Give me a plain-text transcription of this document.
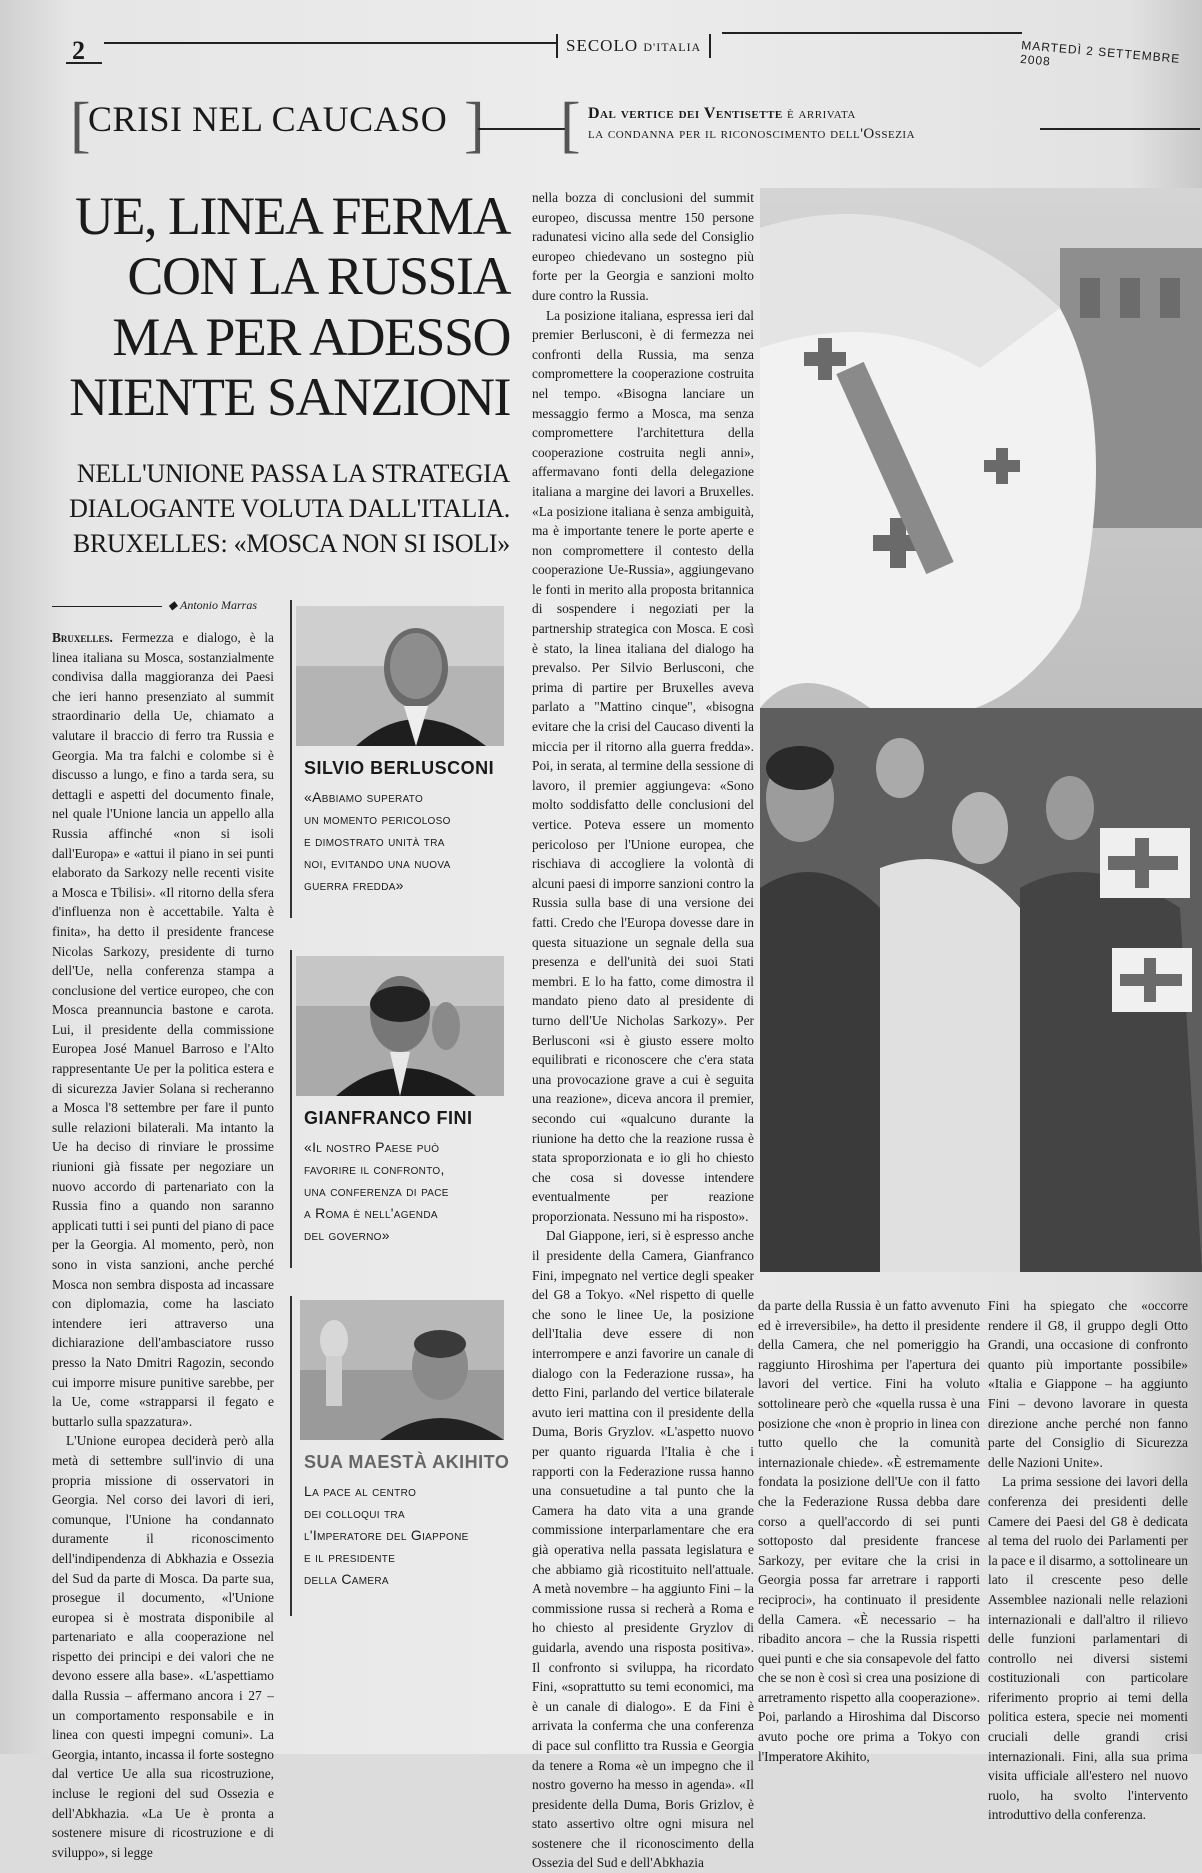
2	SECOLO D'ITALIA	MARTEDÌ 2 SETTEMBRE 2008
[
CRISI NEL CAUCASO ] [ Dal vertice dei Ventisette è arrivata
la condanna per il riconoscimento dell'Ossezia
UE, LINEA FERMA
CON LA RUSSIA
MA PER ADESSO
NIENTE SANZIONI
NELL'UNIONE PASSA LA STRATEGIA
DIALOGANTE VOLUTA DALL'ITALIA.
BRUXELLES: «MOSCA NON SI ISOLI»
◆ Antonio Marras

Bruxelles. Fermezza e dialogo, è la linea italiana su Mosca, sostanzialmente condivisa dalla maggioranza dei Paesi che ieri hanno presenziato al summit straordinario della Ue, chiamato a valutare il braccio di ferro tra Russia e Georgia. Ma tra falchi e colombe si è discusso a lungo, e fino a tarda sera, su dettagli e aspetti del documento finale, nel quale l'Unione lancia un appello alla Russia affinché «non si isoli dall'Europa» e «attui il piano in sei punti elaborato da Sarkozy nelle recenti visite a Mosca e Tbilisi». «Il ritorno della sfera d'influenza non è accettabile. Yalta è finita», ha detto il presidente francese Nicolas Sarkozy, presidente di turno dell'Ue, nella conferenza stampa a conclusione del vertice europeo, che con Mosca preannuncia bastone e carota. Lui, il presidente della commissione Europea José Manuel Barroso e l'Alto rappresentante Ue per la politica estera e di sicurezza Javier Solana si recheranno a Mosca l'8 settembre per fare il punto sulle relazioni bilaterali. Ma intanto la Ue ha deciso di rinviare le prossime riunioni già fissate per negoziare un nuovo accordo di partenariato con la Russia fino a quando non saranno applicati tutti i sei punti del piano di pace per la Georgia. Al momento, però, non sono in vista sanzioni, anche perché Mosca non sembra disposta ad incassare con diplomazia, come ha lasciato intendere ieri attraverso una dichiarazione dell'ambasciatore russo presso la Nato Dmitri Ragozin, secondo cui imporre misure punitive sarebbe, per la Ue, come «strapparsi il fegato e buttarlo sulla spazzatura».

L'Unione europea deciderà però alla metà di settembre sull'invio di una propria missione di osservatori in Georgia. Nel corso dei lavori di ieri, comunque, l'Unione ha condannato duramente il riconoscimento dell'indipendenza di Abkhazia e Ossezia del Sud da parte di Mosca. Da parte sua, prosegue il documento, «l'Unione europea si è mostrata disponibile al partenariato e alla cooperazione nel rispetto dei principi e dei valori che ne devono essere alla base». «L'aspettiamo dalla Russia – affermano ancora i 27 – un comportamento responsabile e in linea con questi impegni comuni». La Georgia, intanto, incassa il forte sostegno dal vertice Ue alla sua ricostruzione, incluse le regioni del sud Ossezia e dell'Abkhazia. «La Ue è pronta a sostenere misure di ricostruzione e di sviluppo», si legge

SILVIO BERLUSCONI
«Abbiamo superato
un momento pericoloso
e dimostrato unità tra
noi, evitando una nuova
guerra fredda»
GIANFRANCO FINI
«Il nostro Paese può
favorire il confronto,
una conferenza di pace
a Roma è nell'agenda
del governo»
SUA MAESTÀ AKIHITO
La pace al centro
dei colloqui tra
l'Imperatore del Giappone
e il presidente
della Camera

nella bozza di conclusioni del summit europeo, discussa mentre 150 persone radunatesi vicino alla sede del Consiglio europeo chiedevano un sostegno più forte per la Georgia e sanzioni molto dure contro la Russia.

La posizione italiana, espressa ieri dal premier Berlusconi, è di fermezza nei confronti della Russia, ma senza compromettere la cooperazione costruita nel tempo. «Bisogna lanciare un messaggio fermo a Mosca, ma senza compromettere l'architettura della cooperazione costruita negli anni», affermavano fonti della delegazione italiana a margine dei lavori a Bruxelles. «La posizione italiana è senza ambiguità, ma è importante tenere le porte aperte e non compromettere il contesto della cooperazione Ue-Russia», aggiungevano le fonti in merito alla proposta britannica di sospendere i negoziati per la partnership strategica con Mosca. E così è stato, la linea italiana del dialogo ha prevalso. Per Silvio Berlusconi, che prima di partire per Bruxelles aveva parlato a "Mattino cinque", «bisogna evitare che la crisi del Caucaso diventi la miccia per il ritorno alla guerra fredda». Poi, in serata, al termine della sessione di lavoro, il premier aggiungeva: «Sono molto soddisfatto delle conclusioni del vertice. Poteva essere un momento pericoloso per l'Unione europea, che rischiava di accogliere la volontà di alcuni paesi di imporre sanzioni contro la Russia sulla base di una versione dei fatti. Credo che l'Europa dovesse dare in questa situazione un segnale della sua presenza e dell'unità dei suoi Stati membri. E lo ha fatto, come dimostra il mandato pieno dato al presidente di turno dell'Ue Nicholas Sarkozy». Per Berlusconi «si è giusto essere molto equilibrati e riconoscere che c'era stata una provocazione grave a cui è seguita una reazione», diceva ancora il premier, secondo cui «qualcuno durante la riunione ha detto che la reazione russa è stata sproporzionata e io gli ho chiesto che cosa si dovesse intendere eventualmente per reazione proporzionata. Nessuno mi ha risposto».

Dal Giappone, ieri, si è espresso anche il presidente della Camera, Gianfranco Fini, impegnato nel vertice degli speaker del G8 a Tokyo. «Nel rispetto di quelle che sono le linee Ue, la posizione dell'Italia deve essere di non interrompere e anzi favorire un canale di dialogo con la Federazione russa», ha detto Fini, parlando del vertice bilaterale avuto ieri mattina con il presidente della Duma, Boris Gryzlov. «L'aspetto nuovo per quanto riguarda l'Italia è che i rapporti con la Federazione russa hanno una consuetudine a tal punto che la Camera ha dato vita a una grande commissione interparlamentare che era già operativa nella passata legislatura e che abbiamo già ricostituito nell'attuale. A metà novembre – ha aggiunto Fini – la commissione russa si recherà a Roma e ho chiesto al presidente Gryzlov di guidarla, avendo una risposta positiva». Il confronto si sviluppa, ha ricordato Fini, «soprattutto su temi economici, ma è un canale di dialogo». E da Fini è arrivata la conferma che una conferenza di pace sul conflitto tra Russia e Georgia da tenere a Roma «è un impegno che il nostro governo ha messo in agenda». «Il presidente della Duma, Boris Grizlov, è stato assertivo oltre ogni misura nel sostenere che il riconoscimento della Ossezia del Sud e dell'Abkhazia

da parte della Russia è un fatto avvenuto ed è irreversibile», ha detto il presidente della Camera, che nel pomeriggio ha raggiunto Hiroshima per l'apertura dei lavori del vertice. Fini ha voluto sottolineare però che «quella russa è una posizione che «non è proprio in linea con tutto quello che la comunità internazionale chiede». «È estremamente fondata la posizione dell'Ue con il fatto che la Federazione Russa debba dare corso a quell'accordo di sei punti sottoposto dal presidente francese Sarkozy, per evitare che la crisi in Georgia possa far arretrare i rapporti reciproci», ha continuato il presidente della Camera. «È necessario – ha ribadito ancora – che la Russia rispetti quei punti e che sia consapevole del fatto che se non è così si crea una posizione di arretramento rispetto alla cooperazione». Poi, parlando a Hiroshima dal Discorso avuto poche ore prima a Tokyo con l'Imperatore Akihito,

Fini ha spiegato che «occorre rendere il G8, il gruppo degli Otto Grandi, una occasione di confronto quanto più importante possibile» «Italia e Giappone – ha aggiunto Fini – devono lavorare in questa direzione anche perché non fanno parte del Consiglio di Sicurezza delle Nazioni Unite».

La prima sessione dei lavori della conferenza dei presidenti delle Camere dei Paesi del G8 è dedicata al tema del ruolo dei Parlamenti per la pace e il disarmo, a sottolineare un lato il crescente peso delle Assemblee nazionali nelle relazioni internazionali e dall'altro il rilievo delle funzioni parlamentari di controllo nei diversi sistemi costituzionali con particolare riferimento proprio ai temi della politica estera, specie nei momenti cruciali delle grandi crisi internazionali. Fini, alla sua prima visita ufficiale all'estero nel nuovo ruolo, ha svolto l'intervento introduttivo della conferenza.
